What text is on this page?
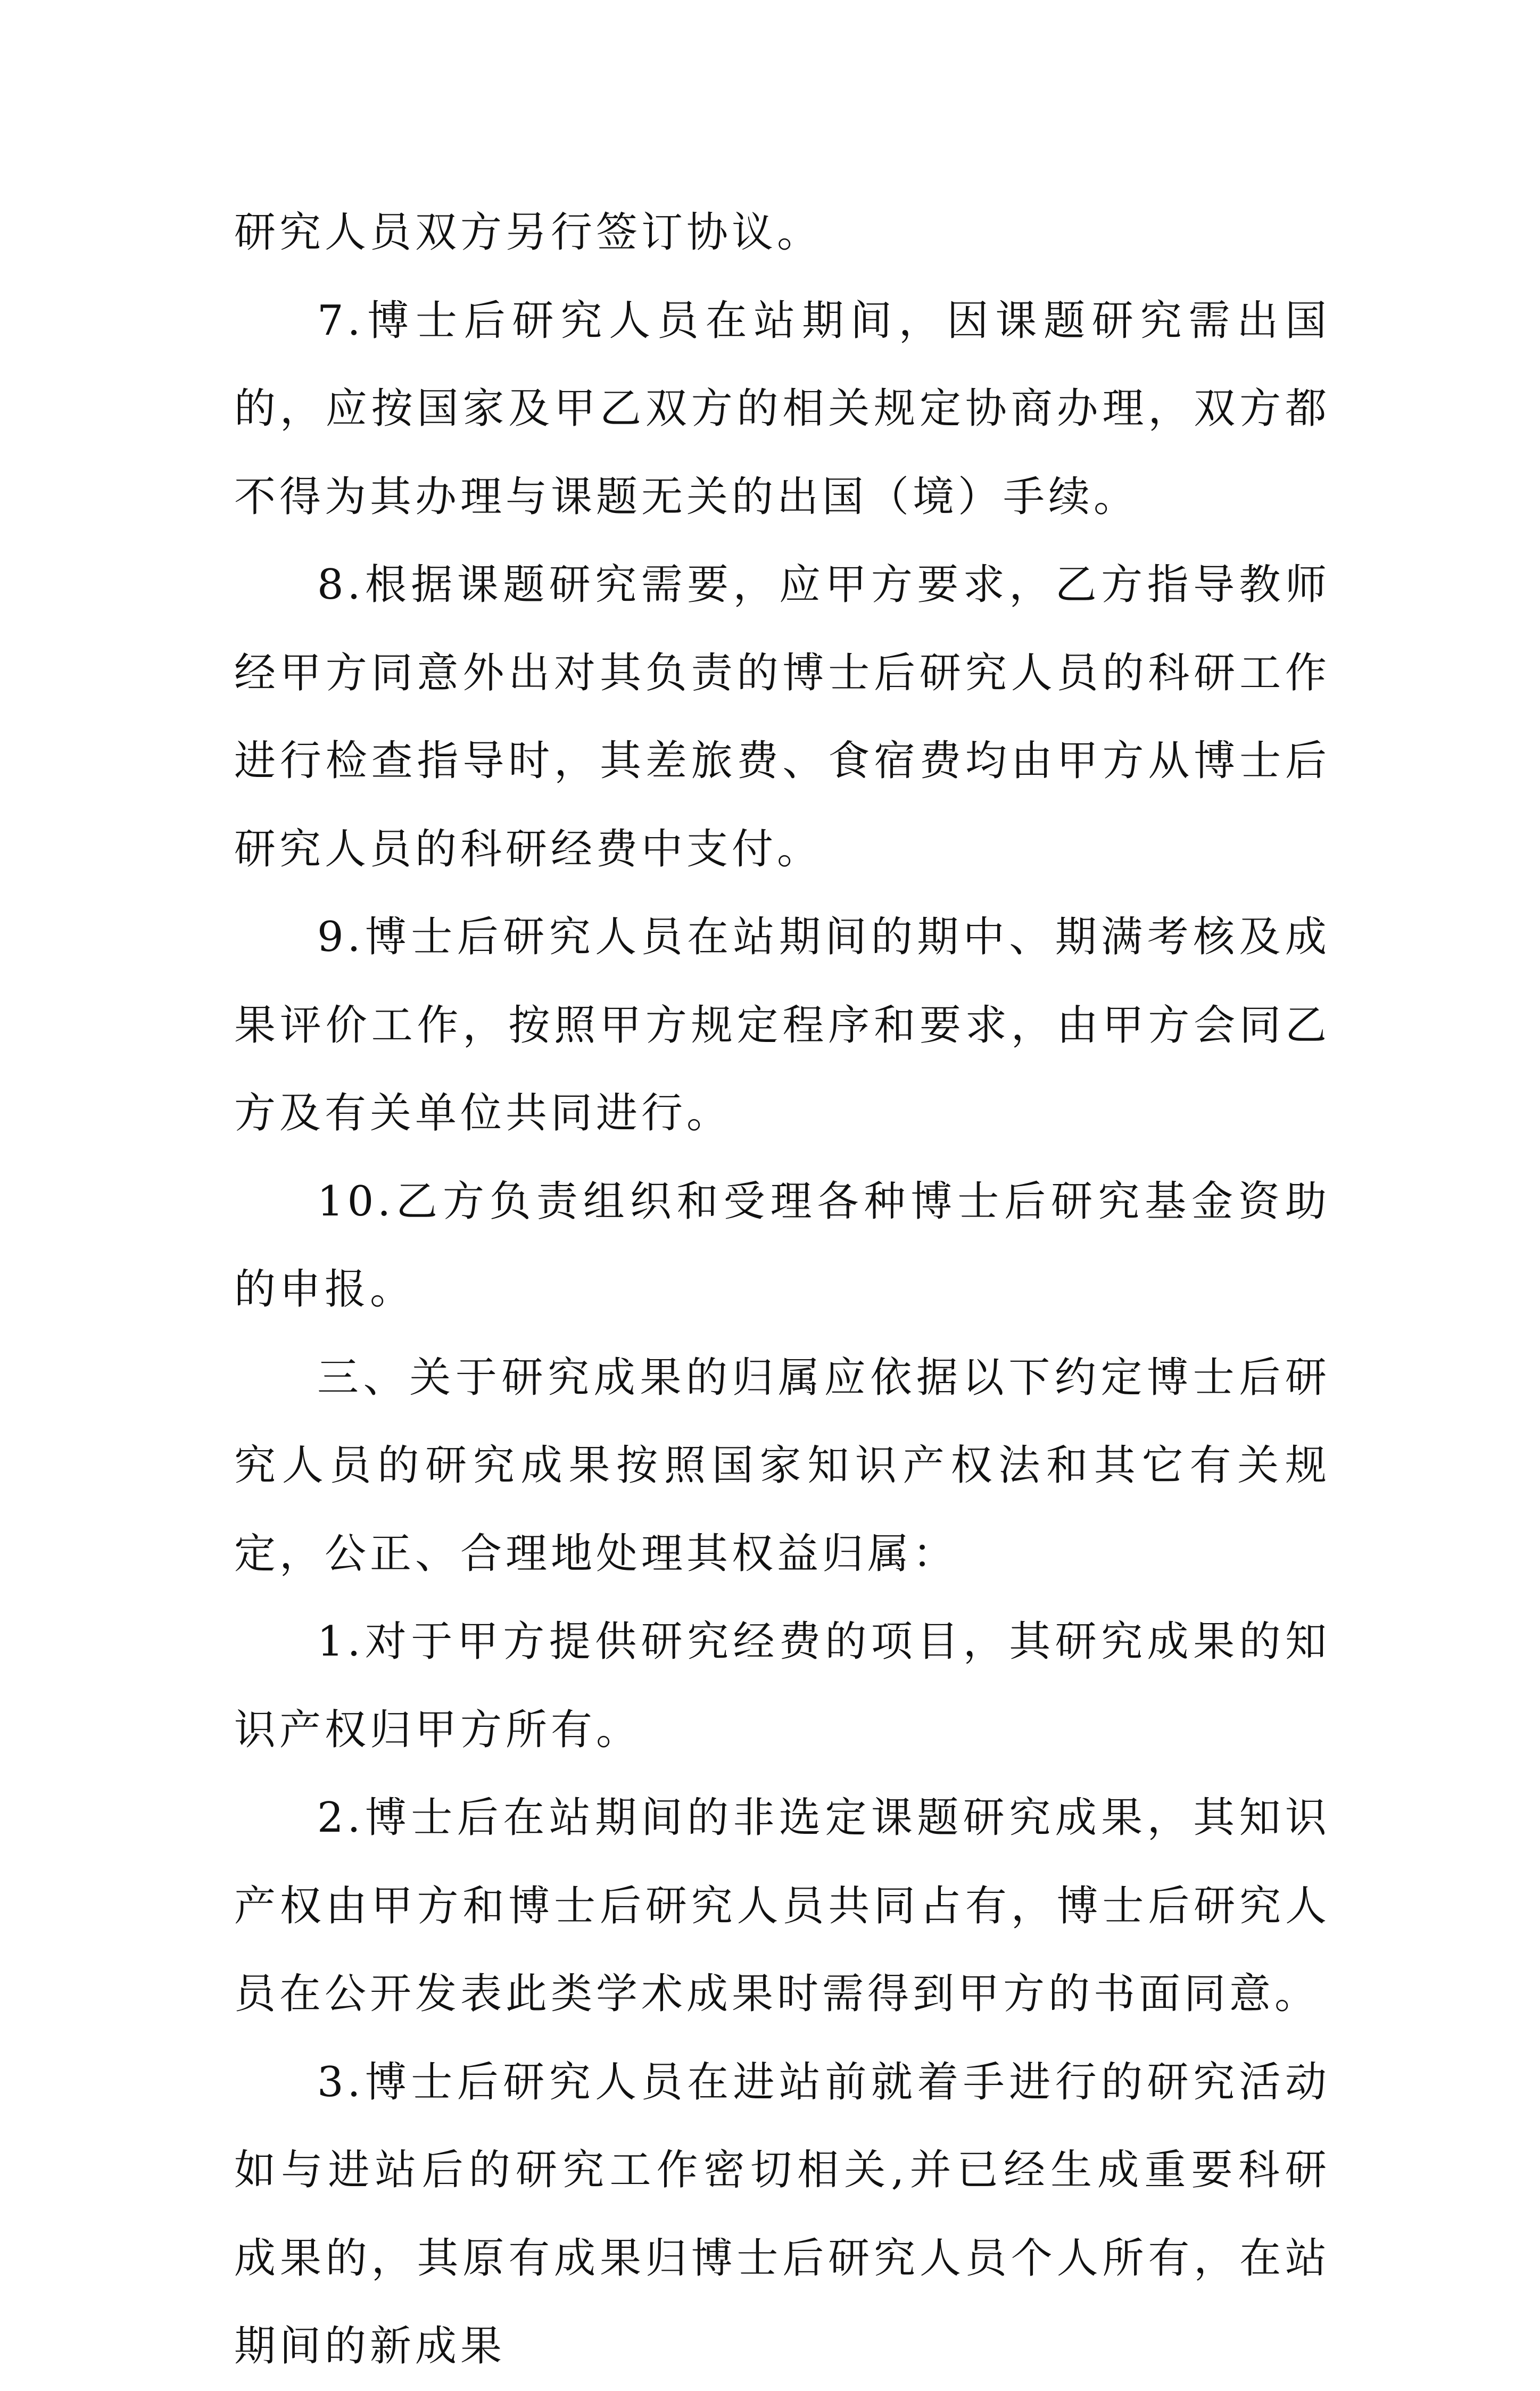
研究人员双方另行签订协议。

7.博士后研究人员在站期间，因课题研究需出国的，应按国家及甲乙双方的相关规定协商办理，双方都不得为其办理与课题无关的出国（境）手续。

8.根据课题研究需要，应甲方要求，乙方指导教师经甲方同意外出对其负责的博士后研究人员的科研工作进行检查指导时，其差旅费、食宿费均由甲方从博士后研究人员的科研经费中支付。

9.博士后研究人员在站期间的期中、期满考核及成果评价工作，按照甲方规定程序和要求，由甲方会同乙方及有关单位共同进行。

10.乙方负责组织和受理各种博士后研究基金资助的申报。

三、关于研究成果的归属应依据以下约定博士后研究人员的研究成果按照国家知识产权法和其它有关规定，公正、合理地处理其权益归属：

1.对于甲方提供研究经费的项目，其研究成果的知识产权归甲方所有。

2.博士后在站期间的非选定课题研究成果，其知识产权由甲方和博士后研究人员共同占有，博士后研究人员在公开发表此类学术成果时需得到甲方的书面同意。

3.博士后研究人员在进站前就着手进行的研究活动如与进站后的研究工作密切相关,并已经生成重要科研成果的，其原有成果归博士后研究人员个人所有，在站期间的新成果
